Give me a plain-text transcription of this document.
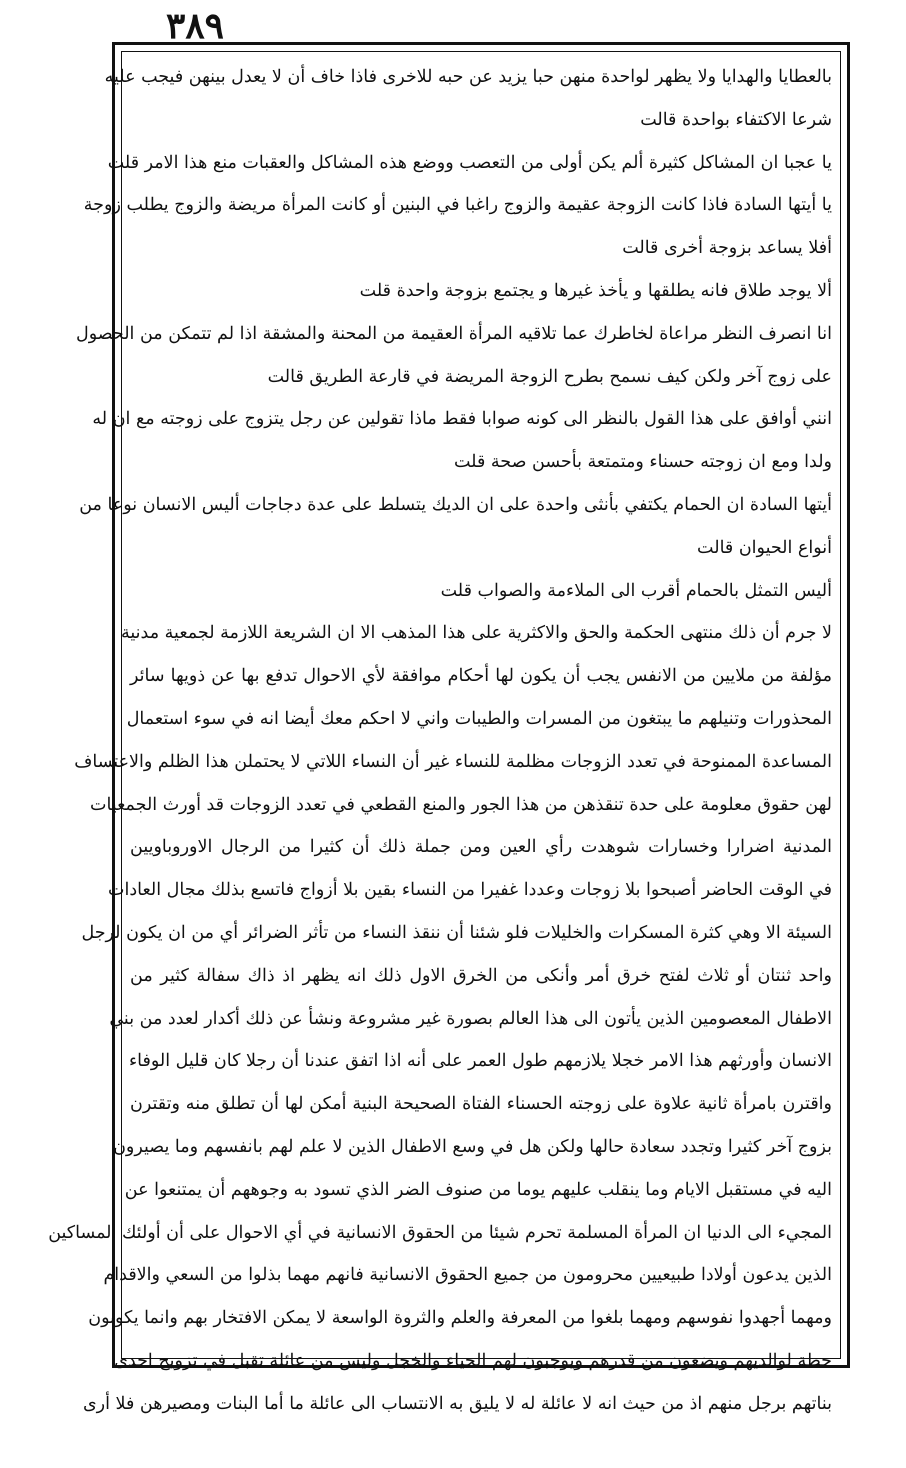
٣٨٩
بالعطايا والهدايا ولا يظهر لواحدة منهن حبا يزيد عن حبه للاخرى فاذا خاف أن لا يعدل بينهن فيجب عليه
شرعا الاكتفاء بواحدة قالت
يا عجبا ان المشاكل كثيرة ألم يكن أولى من التعصب ووضع هذه المشاكل والعقبات منع هذا الامر قلت
يا أيتها السادة فاذا كانت الزوجة عقيمة والزوج راغبا في البنين أو كانت المرأة مريضة والزوج يطلب زوجة
أفلا يساعد بزوجة أخرى قالت
ألا يوجد طلاق فانه يطلقها و يأخذ غيرها و يجتمع بزوجة واحدة قلت
انا انصرف النظر مراعاة لخاطرك عما تلاقيه المرأة العقيمة من المحنة والمشقة اذا لم تتمكن من الحصول
على زوج آخر ولكن كيف نسمح بطرح الزوجة المريضة في قارعة الطريق قالت
انني أوافق على هذا القول بالنظر الى كونه صوابا فقط ماذا تقولين عن رجل يتزوج على زوجته مع ان له
ولدا ومع ان زوجته حسناء ومتمتعة بأحسن صحة قلت
أيتها السادة ان الحمام يكتفي بأنثى واحدة على ان الديك يتسلط على عدة دجاجات أليس الانسان نوعا من
أنواع الحيوان قالت
أليس التمثل بالحمام أقرب الى الملاءمة والصواب قلت
لا جرم أن ذلك منتهى الحكمة والحق والاكثرية على هذا المذهب الا ان الشريعة اللازمة لجمعية مدنية
مؤلفة من ملايين من الانفس يجب أن يكون لها أحكام موافقة لأي الاحوال تدفع بها عن ذويها سائر
المحذورات وتنيلهم ما يبتغون من المسرات والطيبات واني لا احكم معك أيضا انه في سوء استعمال
المساعدة الممنوحة في تعدد الزوجات مظلمة للنساء غير أن النساء اللاتي لا يحتملن هذا الظلم والاعتساف
لهن حقوق معلومة على حدة تنقذهن من هذا الجور والمنع القطعي في تعدد الزوجات قد أورث الجمعيات
المدنية اضرارا وخسارات شوهدت رأي العين ومن جملة ذلك أن كثيرا من الرجال الاوروباويين
في الوقت الحاضر أصبحوا بلا زوجات وعددا غفيرا من النساء بقين بلا أزواج فاتسع بذلك مجال العادات
السيئة الا وهي كثرة المسكرات والخليلات فلو شئنا أن ننقذ النساء من تأثر الضرائر أي من ان يكون لرجل
واحد ثنتان أو ثلاث لفتح خرق أمر وأنكى من الخرق الاول ذلك انه يظهر اذ ذاك سفالة كثير من
الاطفال المعصومين الذين يأتون الى هذا العالم بصورة غير مشروعة ونشأ عن ذلك أكدار لعدد من بني
الانسان وأورثهم هذا الامر خجلا يلازمهم طول العمر على أنه اذا اتفق عندنا أن رجلا كان قليل الوفاء
واقترن بامرأة ثانية علاوة على زوجته الحسناء الفتاة الصحيحة البنية أمكن لها أن تطلق منه وتقترن
بزوج آخر كثيرا وتجدد سعادة حالها ولكن هل في وسع الاطفال الذين لا علم لهم بانفسهم وما يصيرون
اليه في مستقبل الايام وما ينقلب عليهم يوما من صنوف الضر الذي تسود به وجوههم أن يمتنعوا عن
المجيء الى الدنيا ان المرأة المسلمة تحرم شيئا من الحقوق الانسانية في أي الاحوال على أن أولئك المساكين
الذين يدعون أولادا طبيعيين محرومون من جميع الحقوق الانسانية فانهم مهما بذلوا من السعي والاقدام
ومهما أجهدوا نفوسهم ومهما بلغوا من المعرفة والعلم والثروة الواسعة لا يمكن الافتخار بهم وانما يكونون
حطة لوالديهم ويضعون من قدرهم ويوجبون لهم الحياء والخجل وليس من عائلة تقبل في تزويج احدى
بناتهم برجل منهم اذ من حيث انه لا عائلة له لا يليق به الانتساب الى عائلة ما أما البنات ومصيرهن فلا أرى
